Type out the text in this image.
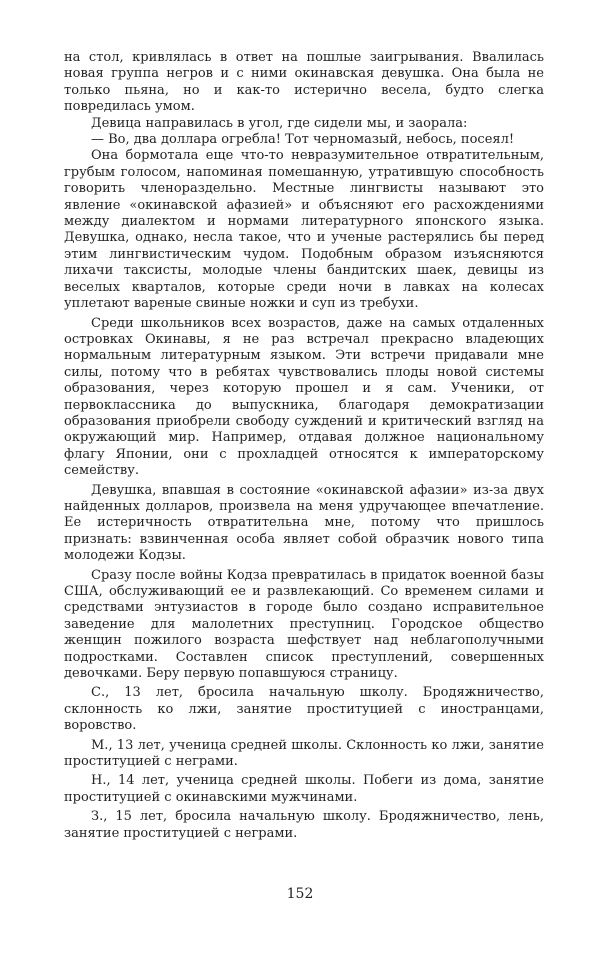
на стол, кривлялась в ответ на пошлые заигрывания. Ввалилась новая группа негров и с ними окинавская девушка. Она была не только пьяна, но и как-то истерично весела, будто слегка повредилась умом.

Девица направилась в угол, где сидели мы, и заорала:

— Во, два доллара огребла! Тот черномазый, небось, посеял!

Она бормотала еще что-то невразумительное отвратительным, грубым голосом, напоминая помешанную, утратившую способность говорить членораздельно. Местные лингвисты называют это явление «окинавской афазией» и объясняют его расхождениями между диалектом и нормами литературного японского языка. Девушка, однако, несла такое, что и ученые растерялись бы перед этим лингвистическим чудом. Подобным образом изъясняются лихачи таксисты, молодые члены бандитских шаек, девицы из веселых кварталов, которые среди ночи в лавках на колесах уплетают вареные свиные ножки и суп из требухи.

Среди школьников всех возрастов, даже на самых отдаленных островках Окинавы, я не раз встречал прекрасно владеющих нормальным литературным языком. Эти встречи придавали мне силы, потому что в ребятах чувствовались плоды новой системы образования, через которую прошел и я сам. Ученики, от первоклассника до выпускника, благодаря демократизации образования приобрели свободу суждений и критический взгляд на окружающий мир. Например, отдавая должное национальному флагу Японии, они с прохладцей относятся к императорскому семейству.

Девушка, впавшая в состояние «окинавской афазии» из-за двух найденных долларов, произвела на меня удручающее впечатление. Ее истеричность отвратительна мне, потому что пришлось признать: взвинченная особа являет собой образчик нового типа молодежи Кодзы.

Сразу после войны Кодза превратилась в придаток военной базы США, обслуживающий ее и развлекающий. Со временем силами и средствами энтузиастов в городе было создано исправительное заведение для малолетних преступниц. Городское общество женщин пожилого возраста шефствует над неблагополучными подростками. Составлен список преступлений, совершенных девочками. Беру первую попавшуюся страницу.

С., 13 лет, бросила начальную школу. Бродяжничество, склонность ко лжи, занятие проституцией с иностранцами, воровство.

М., 13 лет, ученица средней школы. Склонность ко лжи, занятие проституцией с неграми.

Н., 14 лет, ученица средней школы. Побеги из дома, занятие проституцией с окинавскими мужчинами.

З., 15 лет, бросила начальную школу. Бродяжничество, лень, занятие проституцией с неграми.

152
